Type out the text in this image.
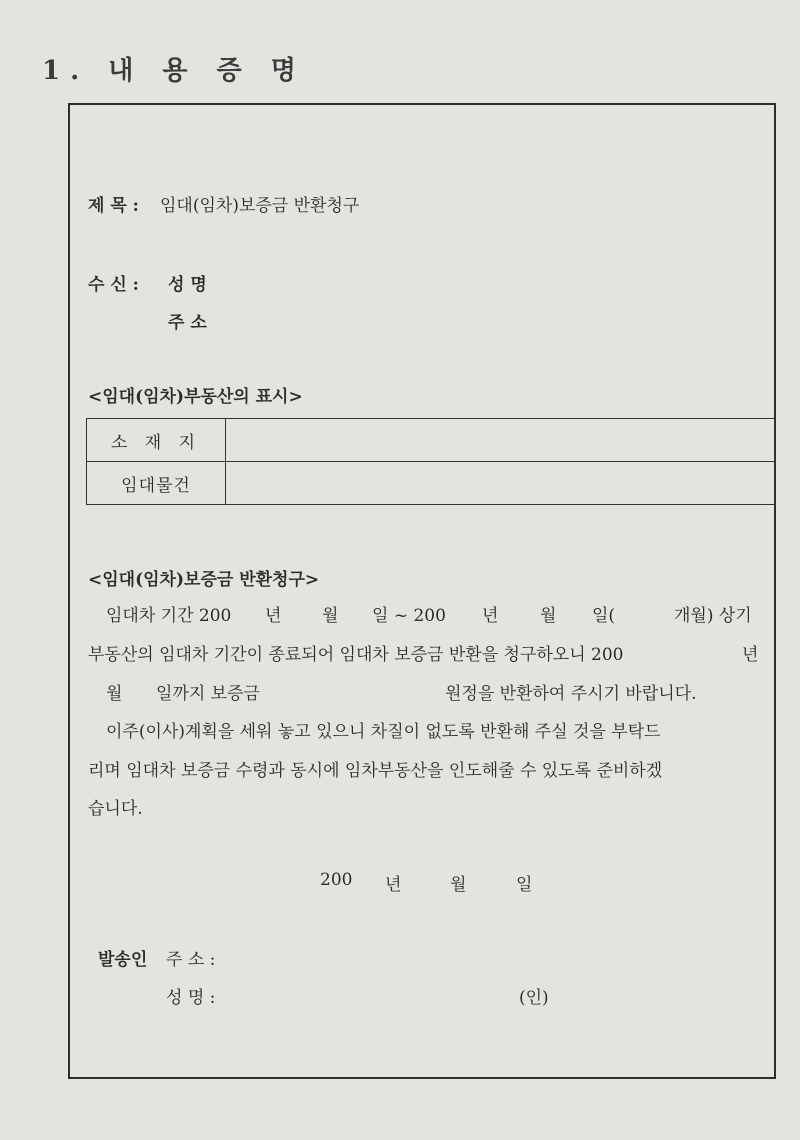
1. 내 용 증 명
제 목 : 임대(임차)보증금 반환청구
수 신 : 성 명
주 소
<임대(임차)부동산의 표시>
소 재 지	
임대물건	
<임대(임차)보증금 반환청구>
임대차 기간 200 년 월 일 ~ 200 년 월 일(	개월) 상기
부동산의 임대차 기간이 종료되어 임대차 보증금 반환을 청구하오니 200	년
월 일까지 보증금	원정을 반환하여 주시기 바랍니다.
이주(이사)계획을 세워 놓고 있으니 차질이 없도록 반환해 주실 것을 부탁드
리며 임대차 보증금 수령과 동시에 임차부동산을 인도해줄 수 있도록 준비하겠
습니다.
200 년	월	일
발송인 주 소 :
성 명 :	(인)
